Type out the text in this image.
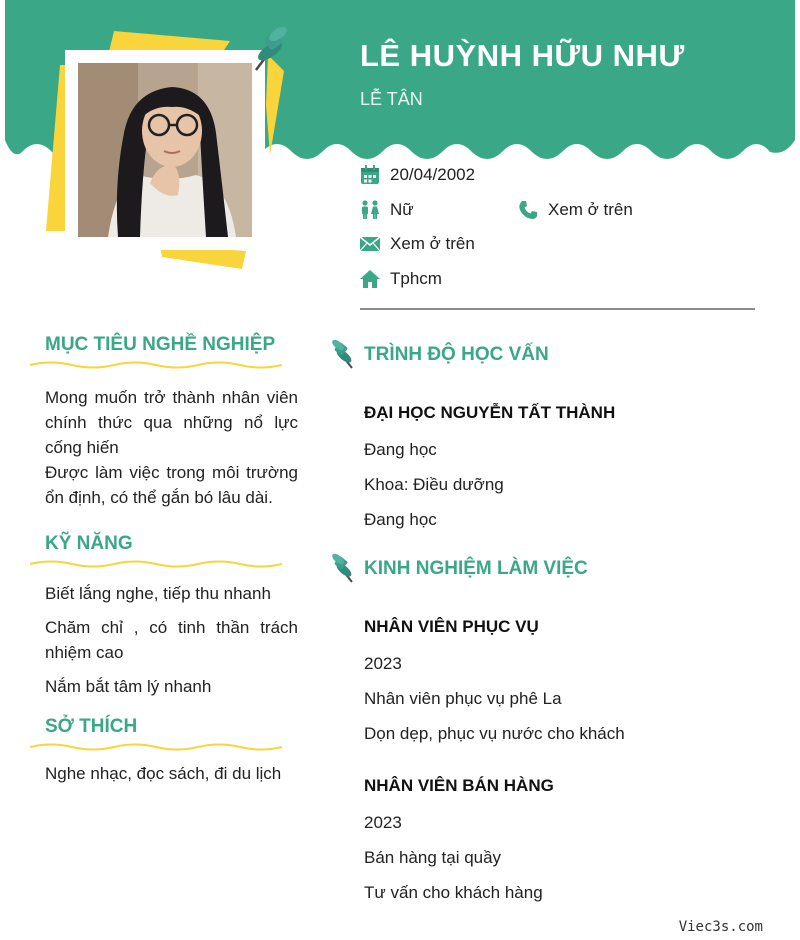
LÊ HUỲNH HỮU NHƯ
LỄ TÂN
20/04/2002
Nữ	Xem ở trên
Xem ở trên
Tphcm
MỤC TIÊU NGHỀ NGHIỆP
Mong muốn trở thành nhân viên chính thức qua những nổ lực cống hiến
Được làm việc trong môi trường ổn định, có thể gắn bó lâu dài.
KỸ NĂNG
Biết lắng nghe, tiếp thu nhanh
Chăm chỉ , có tinh thần trách nhiệm cao
Nắm bắt tâm lý nhanh
SỞ THÍCH
Nghe nhạc, đọc sách, đi du lịch
TRÌNH ĐỘ HỌC VẤN
ĐẠI HỌC NGUYỄN TẤT THÀNH
Đang học
Khoa: Điều dưỡng
Đang học
KINH NGHIỆM LÀM VIỆC
NHÂN VIÊN PHỤC VỤ
2023
Nhân viên phục vụ phê La
Dọn dẹp, phục vụ nước cho khách
NHÂN VIÊN BÁN HÀNG
2023
Bán hàng tại quầy
Tư vấn cho khách hàng
Viec3s.com
